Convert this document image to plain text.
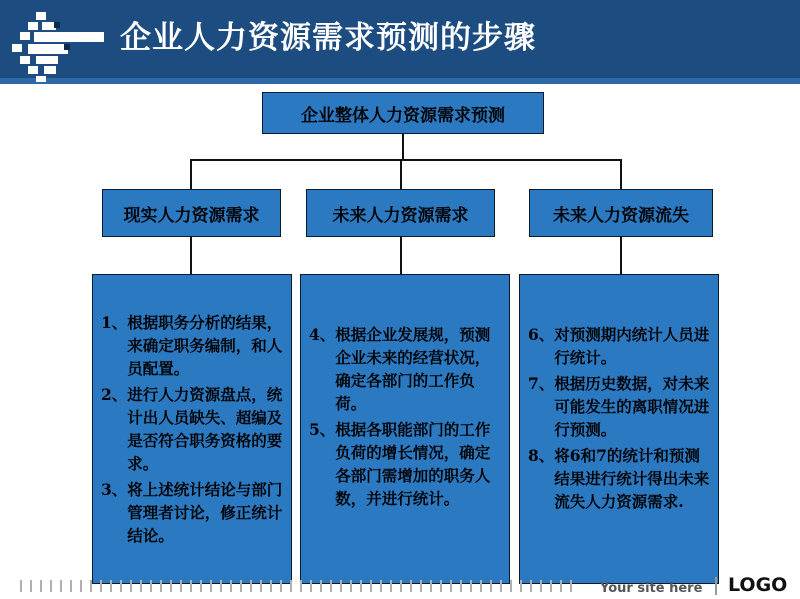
企业人力资源需求预测的步骤
企业整体人力资源需求预测
现实人力资源需求	未来人力资源需求	未来人力资源流失
1、 根据职务分析的结果，来确定职务编制，和人员配置。
2、 进行人力资源盘点，统计出人员缺失、超编及是否符合职务资格的要求。
3、 将上述统计结论与部门管理者讨论，修正统计结论。
4、 根据企业发展规，预测企业未来的经营状况，确定各部门的工作负荷。
5、 根据各职能部门的工作负荷的增长情况，确定各部门需增加的职务人数，并进行统计。
6、 对预测期内统计人员进行统计。
7、 根据历史数据，对未来可能发生的离职情况进行预测。
8、 将6和7的统计和预测结果进行统计得出未来流失人力资源需求.
Your site here LOGO
